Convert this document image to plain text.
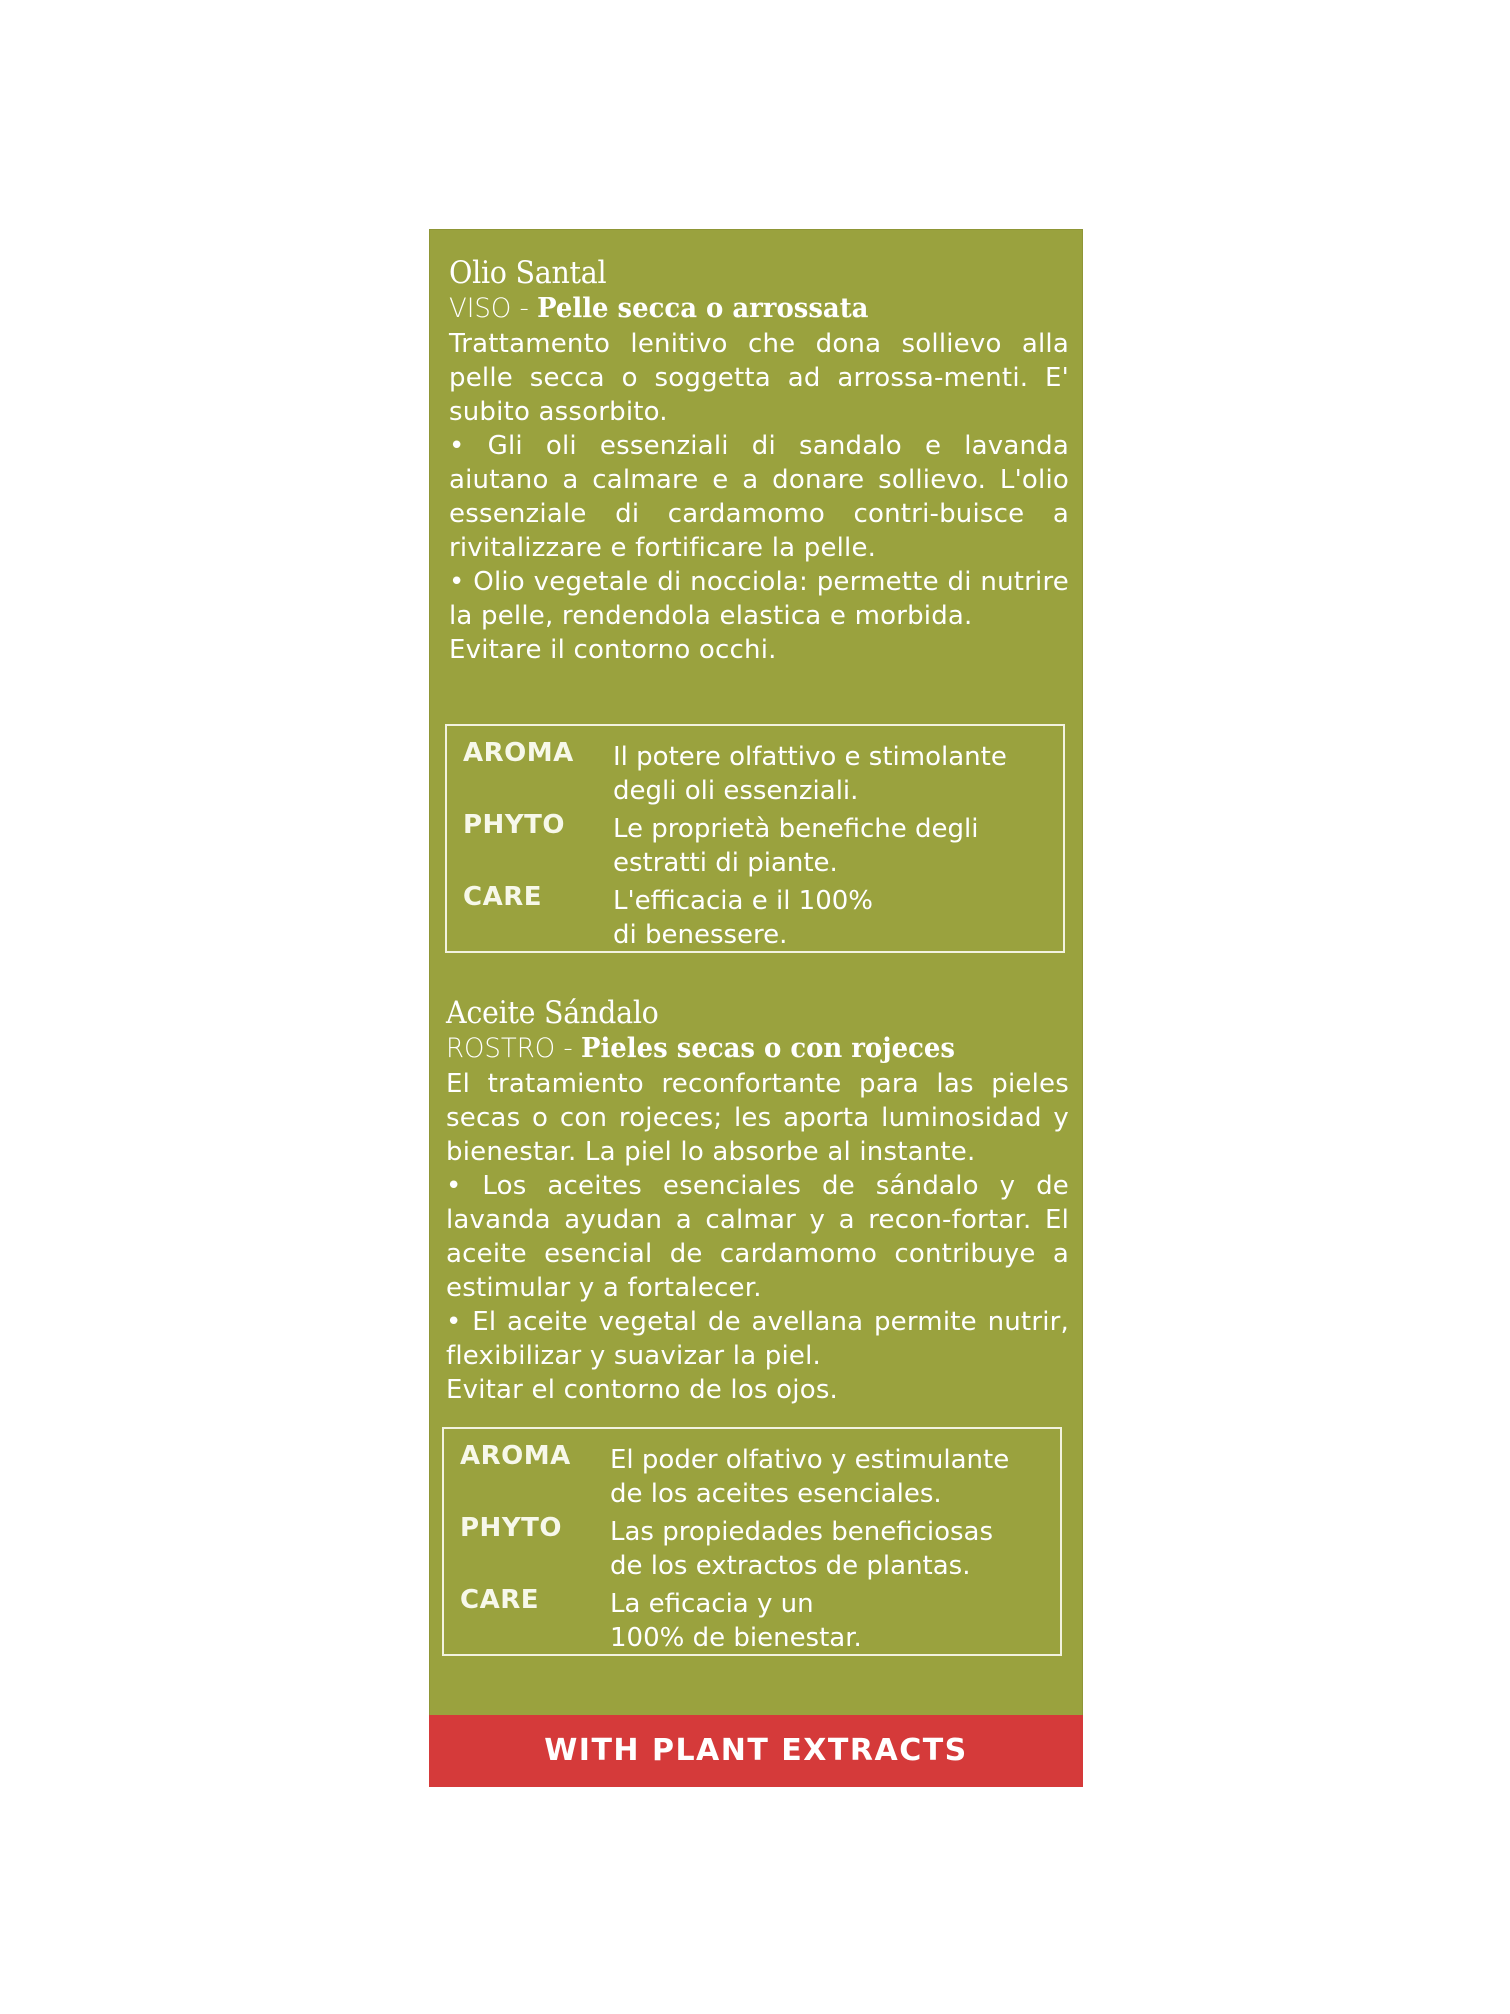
Olio Santal
VISO - Pelle secca o arrossata

Trattamento lenitivo che dona sollievo alla pelle secca o soggetta ad arrossa-menti. E' subito assorbito.

• Gli oli essenziali di sandalo e lavanda aiutano a calmare e a donare sollievo. L'olio essenziale di cardamomo contri-buisce a rivitalizzare e fortificare la pelle.

• Olio vegetale di nocciola: permette di nutrire la pelle, rendendola elastica e morbida.

Evitare il contorno occhi.

AROMA Il potere olfattivo e stimolante
degli oli essenziali.
PHYTO Le proprietà benefiche degli
estratti di piante.
CARE	L'efficacia e il 100%
di benessere.
Aceite Sándalo
ROSTRO - Pieles secas o con rojeces

El tratamiento reconfortante para las pieles secas o con rojeces; les aporta luminosidad y bienestar. La piel lo absorbe al instante.

• Los aceites esenciales de sándalo y de lavanda ayudan a calmar y a recon-fortar. El aceite esencial de cardamomo contribuye a estimular y a fortalecer.

• El aceite vegetal de avellana permite nutrir, flexibilizar y suavizar la piel.

Evitar el contorno de los ojos.

AROMA El poder olfativo y estimulante
de los aceites esenciales.
PHYTO Las propiedades beneficiosas
de los extractos de plantas.
CARE	La eficacia y un
100% de bienestar.
WITH PLANT EXTRACTS
